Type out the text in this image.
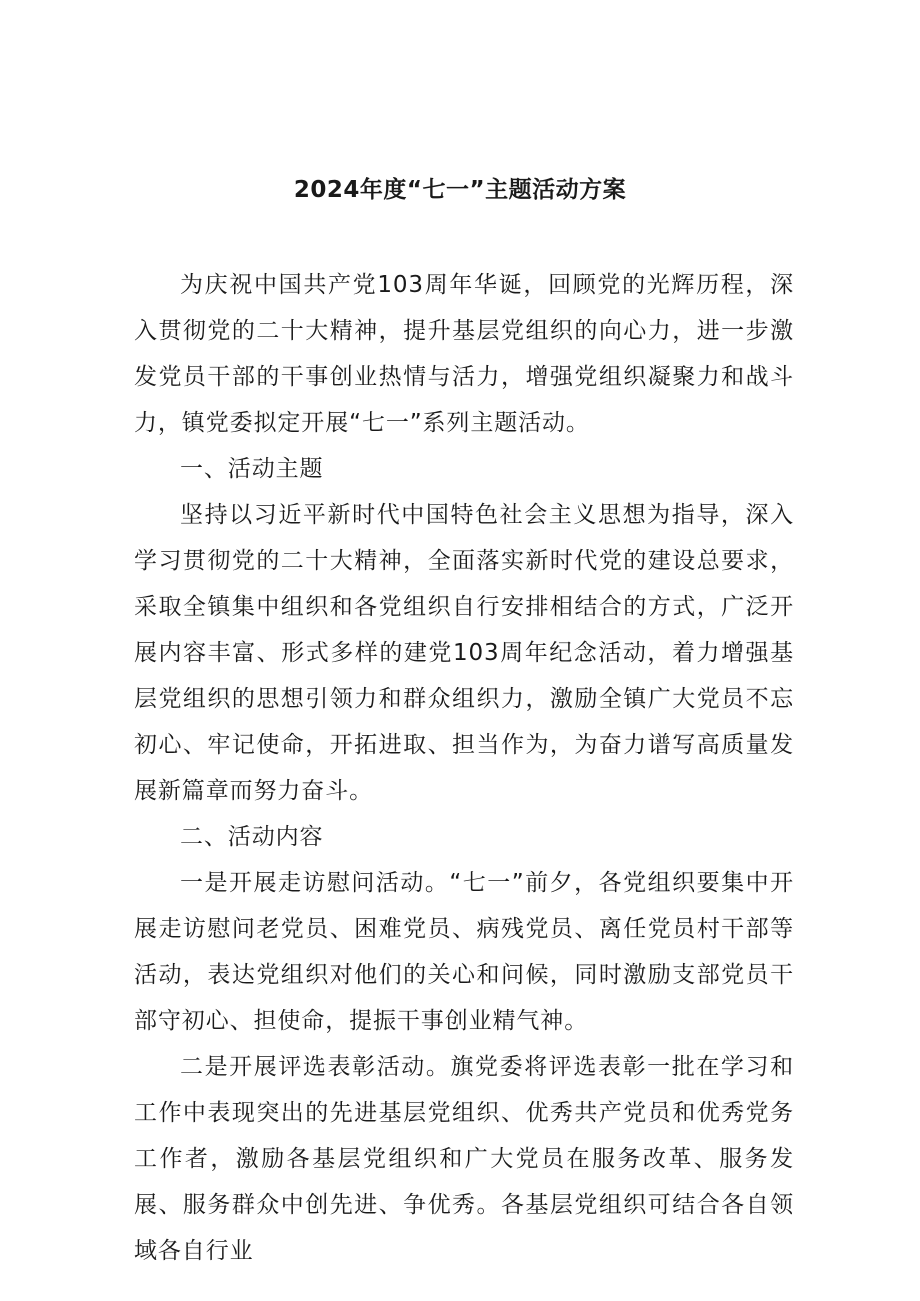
2024年度“七一”主题活动方案

为庆祝中国共产党103周年华诞，回顾党的光辉历程，深入贯彻党的二十大精神，提升基层党组织的向心力，进一步激发党员干部的干事创业热情与活力，增强党组织凝聚力和战斗力，镇党委拟定开展“七一”系列主题活动。

一、活动主题

坚持以习近平新时代中国特色社会主义思想为指导，深入学习贯彻党的二十大精神，全面落实新时代党的建设总要求，采取全镇集中组织和各党组织自行安排相结合的方式，广泛开展内容丰富、形式多样的建党103周年纪念活动，着力增强基层党组织的思想引领力和群众组织力，激励全镇广大党员不忘初心、牢记使命，开拓进取、担当作为，为奋力谱写高质量发展新篇章而努力奋斗。

二、活动内容

一是开展走访慰问活动。“七一”前夕，各党组织要集中开展走访慰问老党员、困难党员、病残党员、离任党员村干部等活动，表达党组织对他们的关心和问候，同时激励支部党员干部守初心、担使命，提振干事创业精气神。

二是开展评选表彰活动。旗党委将评选表彰一批在学习和工作中表现突出的先进基层党组织、优秀共产党员和优秀党务工作者，激励各基层党组织和广大党员在服务改革、服务发展、服务群众中创先进、争优秀。各基层党组织可结合各自领域各自行业
